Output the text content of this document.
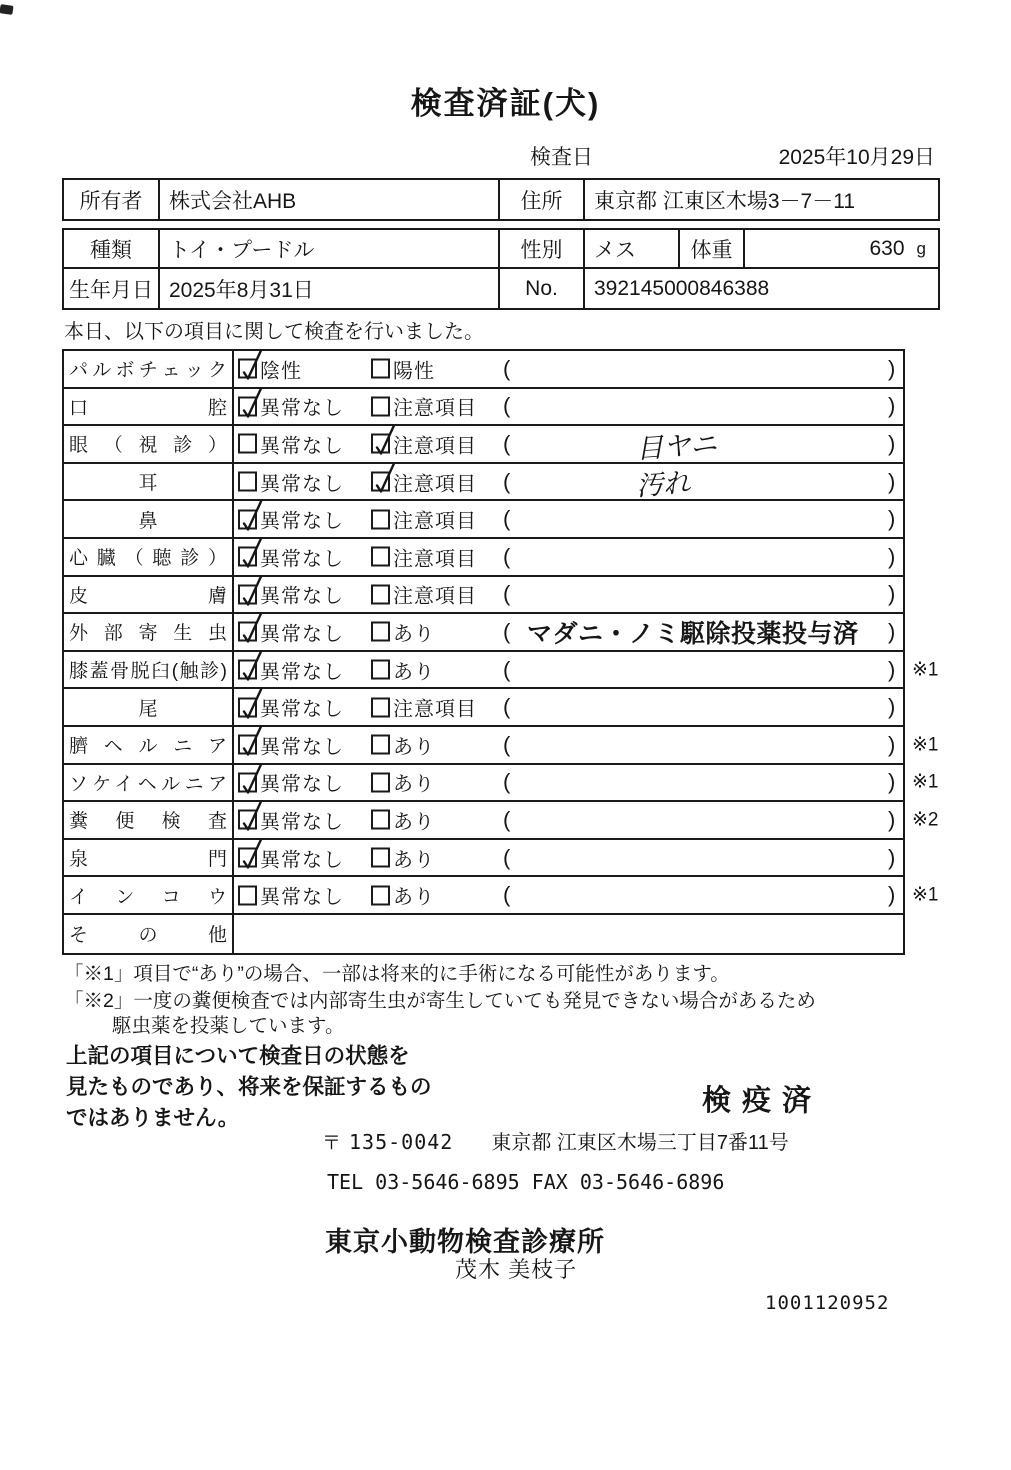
検査済証(犬)
検査日	2025年10月29日
所有者	株式会社AHB	住所	東京都 江東区木場3－7－11
種類	トイ・プードル	性別	メス	体重	630 g
生年月日 2025年8月31日	No.	392145000846388
本日、以下の項目に関して検査を行いました。
パルボチェック 陰性	陽性	(	)
口腔 異常なし 注意項目 (	)
眼（視診） 異常なし 注意項目 (	目ヤニ	)
耳	異常なし 注意項目 (	汚れ	)
鼻	異常なし 注意項目 (	)
心臓（聴診） 異常なし 注意項目 (	)
皮膚 異常なし 注意項目 (	)
外部寄生虫 異常なし あり	( マダニ・ノミ駆除投薬投与済 )
膝蓋骨脱臼(触診) 異常なし あり	(	) ※1
尾	異常なし 注意項目 (	)
臍ヘルニア 異常なし あり	(	) ※1
ソケイヘルニア 異常なし あり	(	) ※1
糞便検査 異常なし あり	(	) ※2
泉門 異常なし あり	(	)
インコウ 異常なし あり	(	) ※1
その他
「※1」項目で“あり”の場合、一部は将来的に手術になる可能性があります。
「※2」一度の糞便検査では内部寄生虫が寄生していても発見できない場合があるため
駆虫薬を投薬しています。
上記の項目について検査日の状態を
見たものであり、将来を保証するもの
ではありません。
検疫済
〒 135-0042 東京都 江東区木場三丁目7番11号
TEL 03-5646-6895 FAX 03-5646-6896
東京小動物検査診療所
茂木 美枝子
1001120952
